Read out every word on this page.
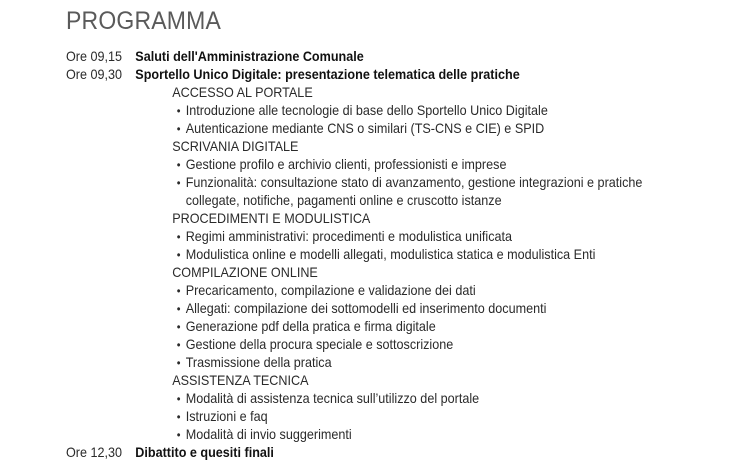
PROGRAMMA
Ore 09,15 Saluti dell'Amministrazione Comunale
Ore 09,30 Sportello Unico Digitale: presentazione telematica delle pratiche
ACCESSO AL PORTALE
• Introduzione alle tecnologie di base dello Sportello Unico Digitale
• Autenticazione mediante CNS o similari (TS-CNS e CIE) e SPID
SCRIVANIA DIGITALE
• Gestione profilo e archivio clienti, professionisti e imprese
• Funzionalità: consultazione stato di avanzamento, gestione integrazioni e pratiche
collegate, notifiche, pagamenti online e cruscotto istanze
PROCEDIMENTI E MODULISTICA
• Regimi amministrativi: procedimenti e modulistica unificata
• Modulistica online e modelli allegati, modulistica statica e modulistica Enti
COMPILAZIONE ONLINE
• Precaricamento, compilazione e validazione dei dati
• Allegati: compilazione dei sottomodelli ed inserimento documenti
• Generazione pdf della pratica e firma digitale
• Gestione della procura speciale e sottoscrizione
• Trasmissione della pratica
ASSISTENZA TECNICA
• Modalità di assistenza tecnica sull’utilizzo del portale
• Istruzioni e faq
• Modalità di invio suggerimenti
Ore 12,30 Dibattito e quesiti finali
